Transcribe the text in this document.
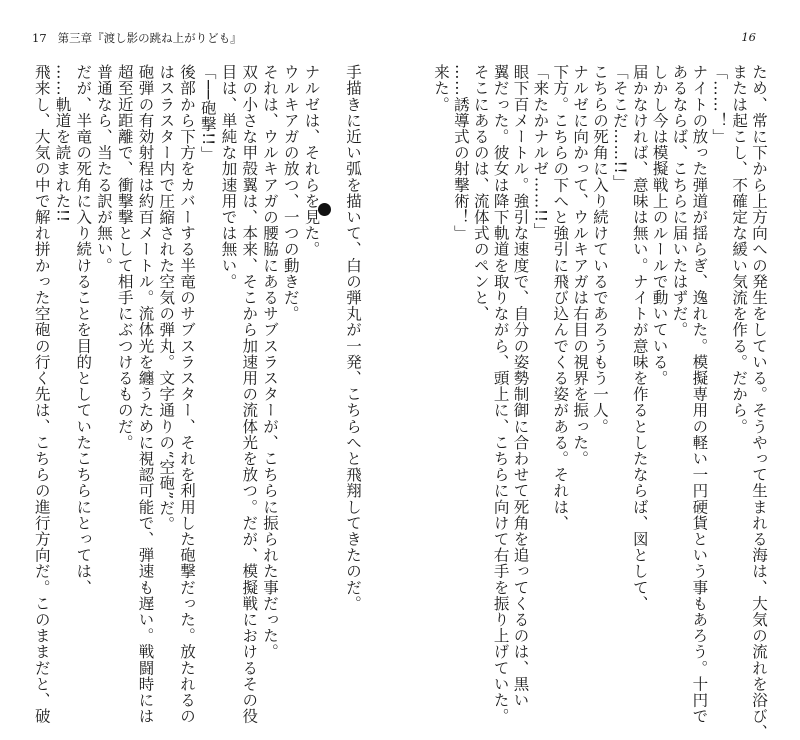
17 第三章『渡し影の跳ね上がりども』	16
ため、常に下から上方向への発生をしている。そうやって生まれる海は、大気の流れを浴び、
または起こし、不確定な緩い気流を作る。だから。
「……！」
ナイトの放った弾道が揺らぎ、逸れた。模擬専用の軽い一円硬貨という事もあろう。十円で
あるならば、こちらに届いたはずだ。
しかし今は模擬戦上のルールで動いている。
届かなければ、意味は無い。ナイトが意味を作るとしたならば、図として、
「そこだ……!!」
こちらの死角に入り続けているであろうもう一人。
ナルゼに向かって、ウルキアガは右目の視界を振った。
下方。こちらの下へと強引に飛び込んでくる姿がある。それは、
「来たかナルゼ……!!」
眼下百メートル。強引な速度で、自分の姿勢制御に合わせて死角を追ってくるのは、黒い
翼だった。彼女は降下軌道を取りながら、頭上に、こちらに向けて右手を振り上げていた。
そこにあるのは、流体式のペンと、
……誘導式の射撃術！」
来た。
手描きに近い弧を描いて、白の弾丸が一発、こちらへと飛翔してきたのだ。
ナルゼは、それらを見た。
ウルキアガの放つ、一つの動きだ。
それは、ウルキアガの腰脇にあるサブスラスターが、こちらに振られた事だった。
双の小さな甲殻翼は、本来、そこから加速用の流体光を放つ。だが、模擬戦におけるその役
目は、単純な加速用では無い。
「──砲撃!!」
後部から下方をカバーする半竜のサブスラスター、それを利用した砲撃だった。放たれるの
はスラスター内で圧縮された空気の弾丸。文字通りの“空砲”だ。
砲弾の有効射程は約百メートル。流体光を纏うために視認可能で、弾速も遅い。戦闘時には
超至近距離で、衝撃撃として相手にぶつけるものだ。
普通なら、当たる訳が無い。
だが、半竜の死角に入り続けることを目的としていたこちらにとっては、
……軌道を読まれた!!
飛来し、大気の中で解れ拼かった空砲の行く先は、こちらの進行方向だ。このままだと、破
